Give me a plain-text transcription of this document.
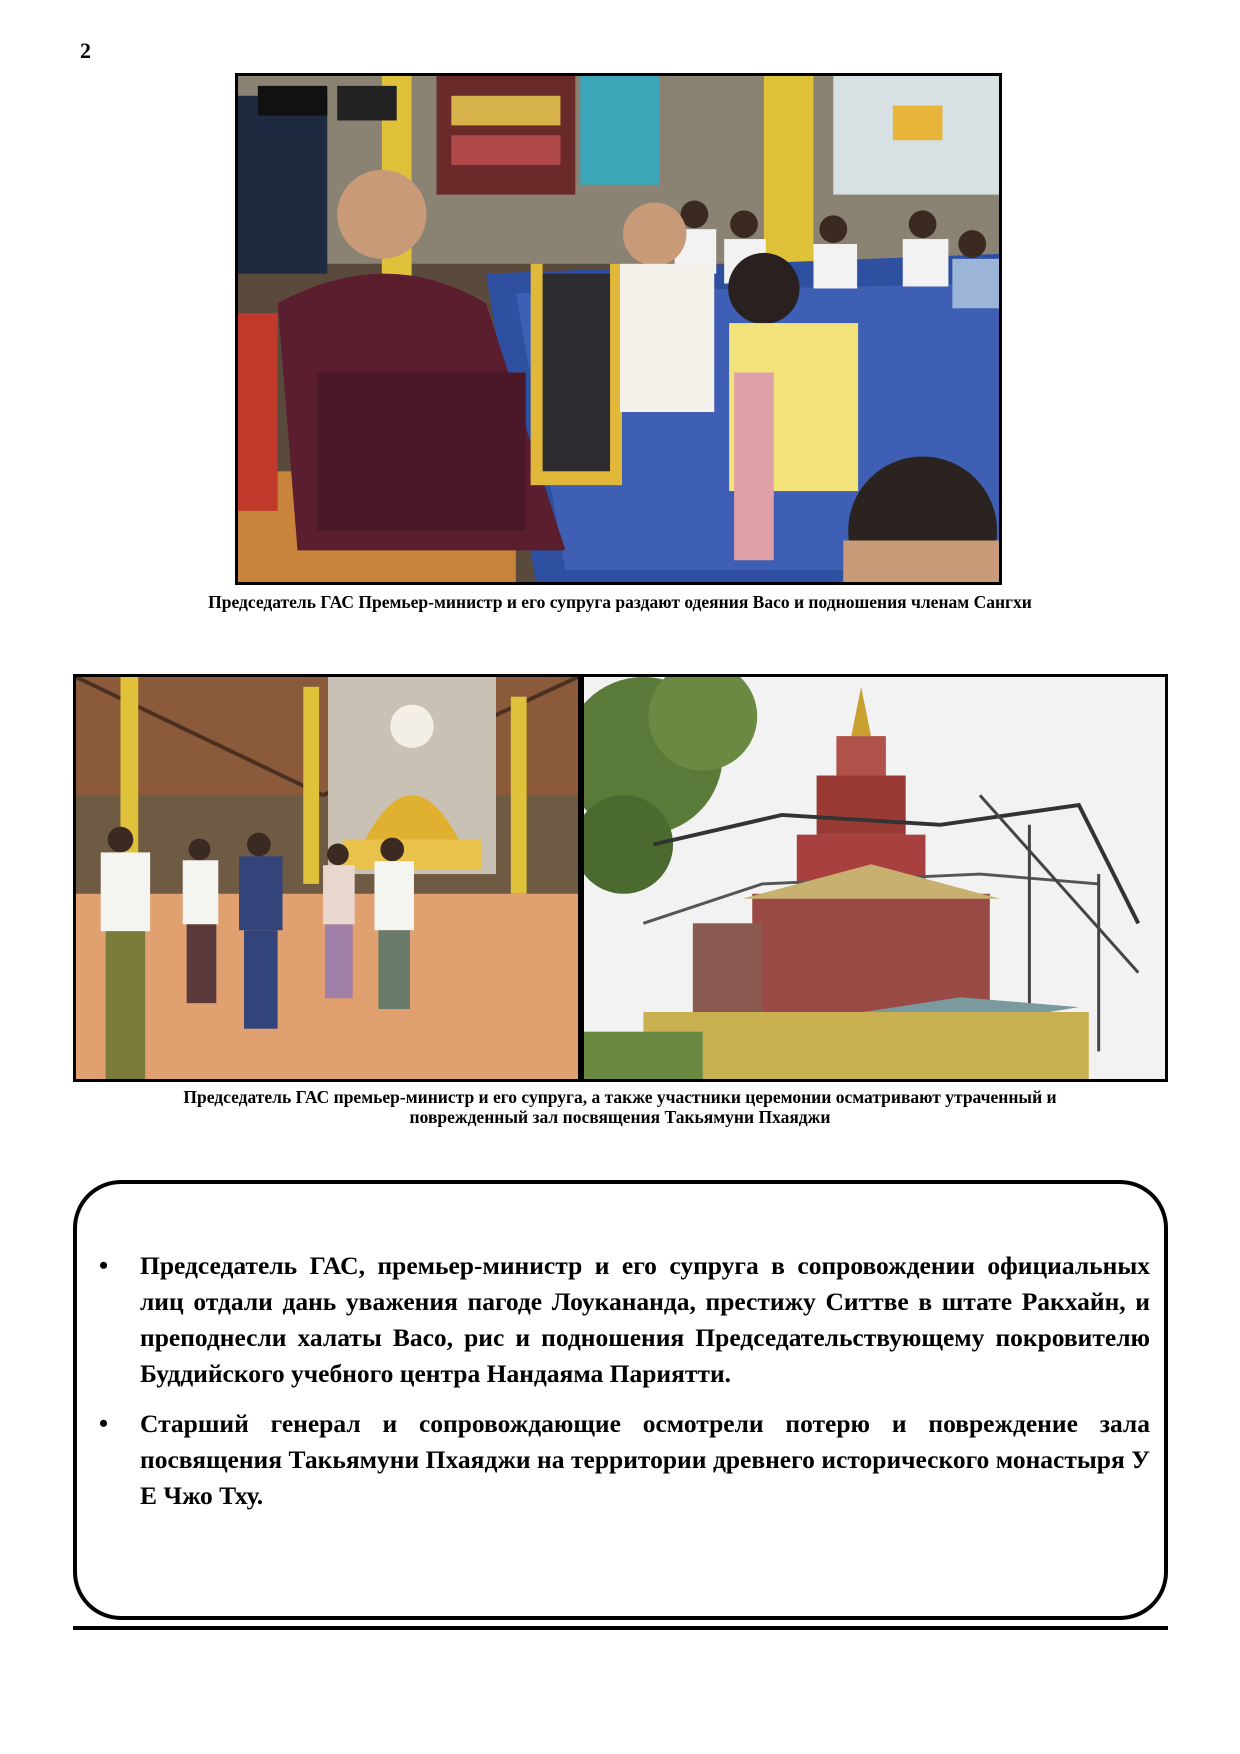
2
Председатель ГАС Премьер-министр и его супруга раздают одеяния Васо и подношения членам Сангхи
Председатель ГАС премьер-министр и его супруга, а также участники церемонии осматривают утраченный и
поврежденный зал посвящения Такьямуни Пхаяджи
• Председатель ГАС, премьер-министр и его супруга в сопровождении официальных лиц отдали дань уважения пагоде Лоукананда, престижу Ситтве в штате Ракхайн, и преподнесли халаты Васо, рис и подношения Председательствующему покровителю Буддийского учебного центра Нандаяма Париятти.
• Старший генерал и сопровождающие осмотрели потерю и повреждение зала посвящения Такьямуни Пхаяджи на территории древнего исторического монастыря У Е Чжо Тху.
